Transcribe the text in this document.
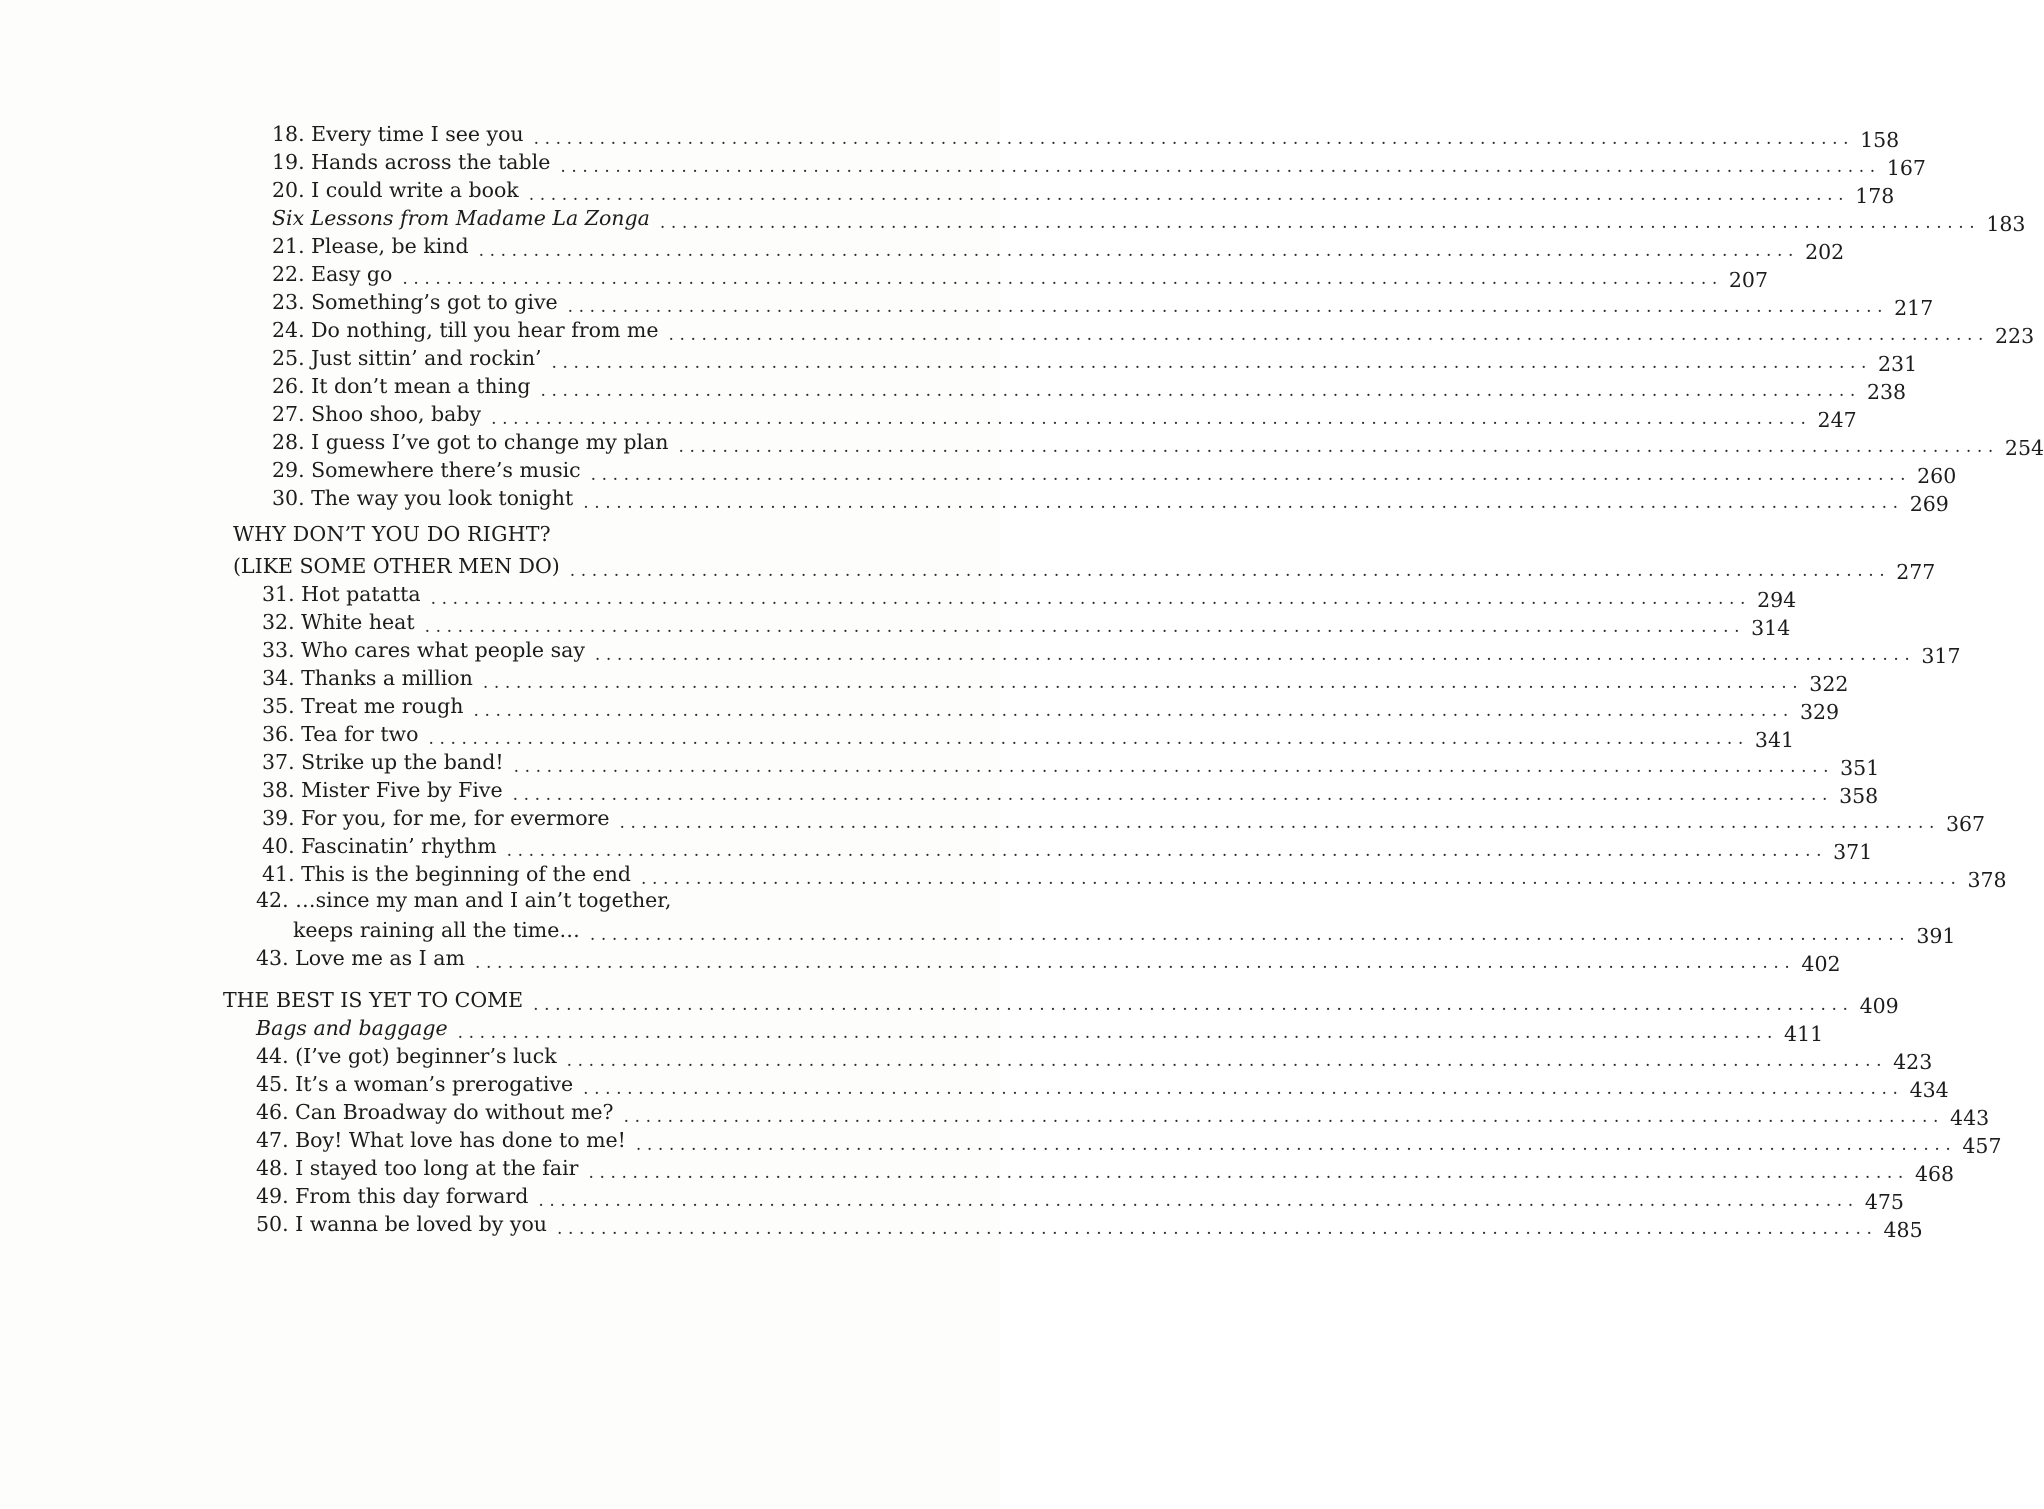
18. Every time I see you ........................................................................................................................ 158
19. Hands across the table ........................................................................................................................ 167
20. I could write a book ........................................................................................................................ 178
Six Lessons from Madame La Zonga ........................................................................................................................ 183
21. Please, be kind ........................................................................................................................ 202
22. Easy go ........................................................................................................................ 207
23. Something’s got to give ........................................................................................................................ 217
24. Do nothing, till you hear from me ........................................................................................................................ 223
25. Just sittin’ and rockin’ ........................................................................................................................ 231
26. It don’t mean a thing ........................................................................................................................ 238
27. Shoo shoo, baby ........................................................................................................................ 247
28. I guess I’ve got to change my plan ........................................................................................................................ 254
29. Somewhere there’s music ........................................................................................................................ 260
30. The way you look tonight ........................................................................................................................ 269
WHY DON’T YOU DO RIGHT?
(LIKE SOME OTHER MEN DO) ........................................................................................................................ 277
31. Hot patatta ........................................................................................................................ 294
32. White heat ........................................................................................................................ 314
33. Who cares what people say ........................................................................................................................ 317
34. Thanks a million ........................................................................................................................ 322
35. Treat me rough ........................................................................................................................ 329
36. Tea for two ........................................................................................................................ 341
37. Strike up the band! ........................................................................................................................ 351
38. Mister Five by Five ........................................................................................................................ 358
39. For you, for me, for evermore ........................................................................................................................ 367
40. Fascinatin’ rhythm ........................................................................................................................ 371
41. This is the beginning of the end ........................................................................................................................ 378
42. …since my man and I ain’t together,
keeps raining all the time… ........................................................................................................................ 391
43. Love me as I am ........................................................................................................................ 402
THE BEST IS YET TO COME ........................................................................................................................ 409
Bags and baggage ........................................................................................................................ 411
44. (I’ve got) beginner’s luck ........................................................................................................................ 423
45. It’s a woman’s prerogative ........................................................................................................................ 434
46. Can Broadway do without me? ........................................................................................................................ 443
47. Boy! What love has done to me! ........................................................................................................................ 457
48. I stayed too long at the fair ........................................................................................................................ 468
49. From this day forward ........................................................................................................................ 475
50. I wanna be loved by you ........................................................................................................................ 485
